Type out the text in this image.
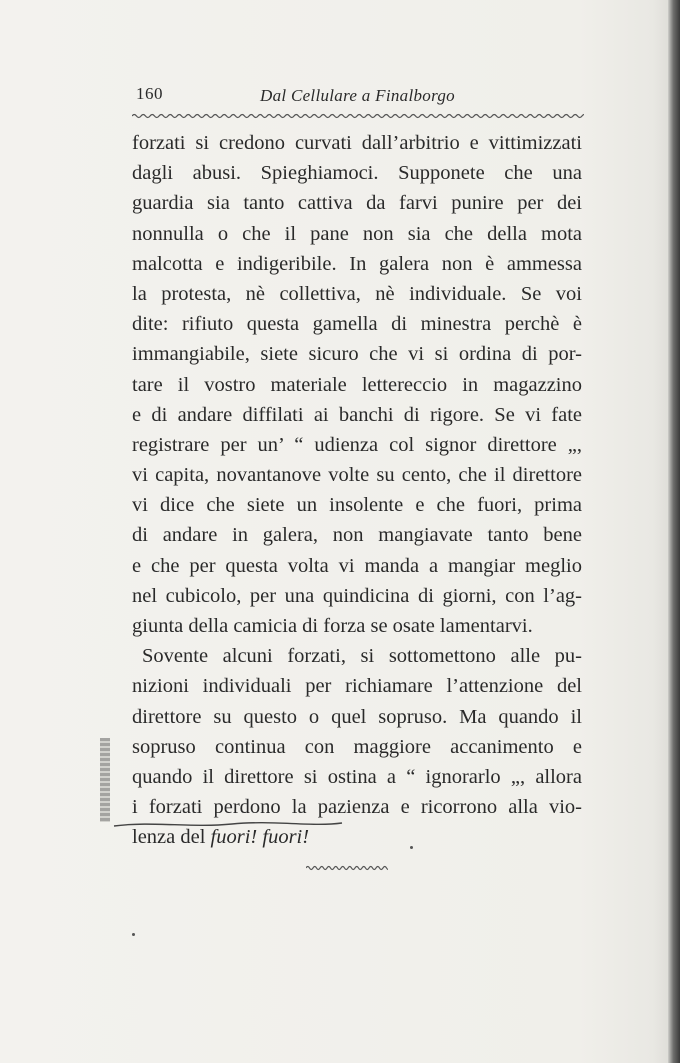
160	Dal Cellulare a Finalborgo
forzati si credono curvati dall’arbitrio e vittimizzati
dagli abusi. Spieghiamoci. Supponete che una
guardia sia tanto cattiva da farvi punire per dei
nonnulla o che il pane non sia che della mota
malcotta e indigeribile. In galera non è ammessa
la protesta, nè collettiva, nè individuale. Se voi
dite: rifiuto questa gamella di minestra perchè è
immangiabile, siete sicuro che vi si ordina di por-
tare il vostro materiale lettereccio in magazzino
e di andare diffilati ai banchi di rigore. Se vi fate
registrare per un’ “ udienza col signor direttore „,
vi capita, novantanove volte su cento, che il direttore
vi dice che siete un insolente e che fuori, prima
di andare in galera, non mangiavate tanto bene
e che per questa volta vi manda a mangiar meglio
nel cubicolo, per una quindicina di giorni, con l’ag-
giunta della camicia di forza se osate lamentarvi.
Sovente alcuni forzati, si sottomettono alle pu-
nizioni individuali per richiamare l’attenzione del
direttore su questo o quel sopruso. Ma quando il
sopruso continua con maggiore accanimento e
quando il direttore si ostina a “ ignorarlo „, allora
i forzati perdono la pazienza e ricorrono alla vio-
lenza del fuori! fuori!
